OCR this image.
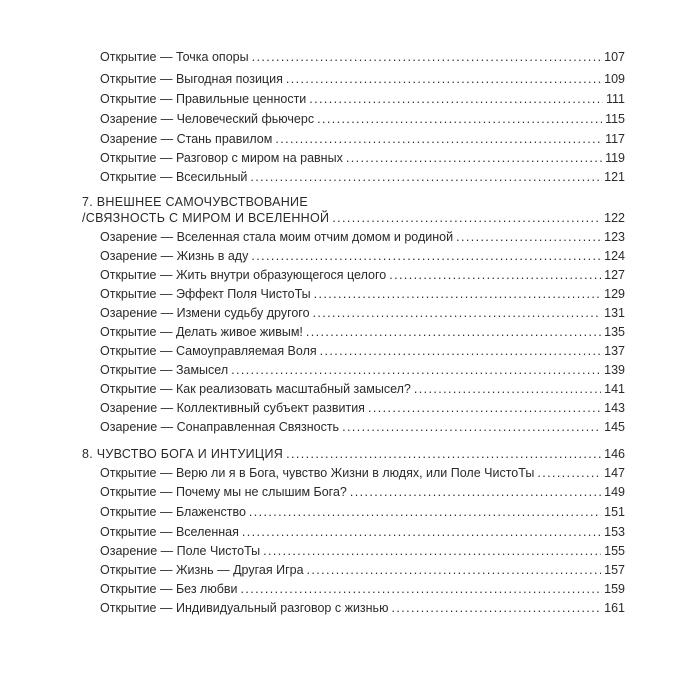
Открытие — Точка опоры .....	107
Открытие — Выгодная позиция .....	109
Открытие — Правильные ценности .....	111
Озарение — Человеческий фьючерс .....	115
Озарение — Стань правилом .....	117
Открытие — Разговор с миром на равных .....	119
Открытие — Всесильный .....	121
7. ВНЕШНЕЕ САМОЧУВСТВОВАНИЕ
/СВЯЗНОСТЬ С МИРОМ И ВСЕЛЕННОЙ .....	122
Озарение — Вселенная стала моим отчим домом и родиной .....	123
Озарение — Жизнь в аду .....	124
Открытие — Жить внутри образующегося целого .....	127
Открытие — Эффект Поля ЧистоТы .....	129
Озарение — Измени судьбу другого .....	131
Открытие — Делать живое живым! .....	135
Открытие — Самоуправляемая Воля .....	137
Открытие — Замысел .....	139
Открытие — Как реализовать масштабный замысел? .....	141
Озарение — Коллективный субъект развития .....	143
Озарение — Сонаправленная Связность .....	145
8. ЧУВСТВО БОГА И ИНТУИЦИЯ .....	146
Открытие — Верю ли я в Бога, чувство Жизни в людях, или Поле ЧистоТы .....	147
Открытие — Почему мы не слышим Бога? .....	149
Открытие — Блаженство .....	151
Открытие — Вселенная .....	153
Озарение — Поле ЧистоТы .....	155
Открытие — Жизнь — Другая Игра .....	157
Открытие — Без любви .....	159
Открытие — Индивидуальный разговор с жизнью .....	161
